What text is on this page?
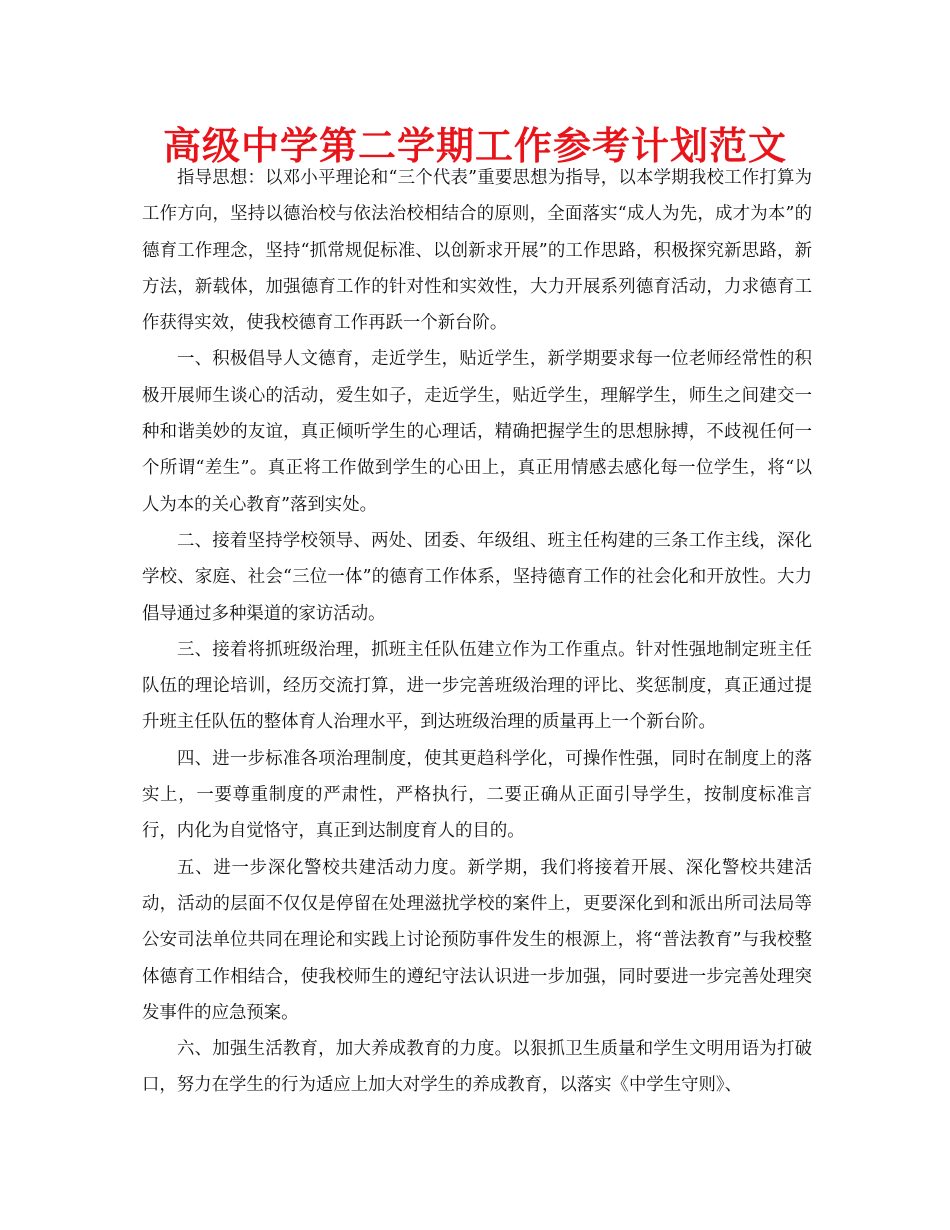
高级中学第二学期工作参考计划范文

指导思想：以邓小平理论和“三个代表”重要思想为指导，以本学期我校工作打算为工作方向，坚持以德治校与依法治校相结合的原则，全面落实“成人为先，成才为本”的德育工作理念，坚持“抓常规促标准、以创新求开展”的工作思路，积极探究新思路，新方法，新载体，加强德育工作的针对性和实效性，大力开展系列德育活动，力求德育工作获得实效，使我校德育工作再跃一个新台阶。

一、积极倡导人文德育，走近学生，贴近学生，新学期要求每一位老师经常性的积极开展师生谈心的活动，爱生如子，走近学生，贴近学生，理解学生，师生之间建交一种和谐美妙的友谊，真正倾听学生的心理话，精确把握学生的思想脉搏，不歧视任何一个所谓“差生”。真正将工作做到学生的心田上，真正用情感去感化每一位学生，将“以人为本的关心教育”落到实处。

二、接着坚持学校领导、两处、团委、年级组、班主任构建的三条工作主线，深化学校、家庭、社会“三位一体”的德育工作体系，坚持德育工作的社会化和开放性。大力倡导通过多种渠道的家访活动。

三、接着将抓班级治理，抓班主任队伍建立作为工作重点。针对性强地制定班主任队伍的理论培训，经历交流打算，进一步完善班级治理的评比、奖惩制度，真正通过提升班主任队伍的整体育人治理水平，到达班级治理的质量再上一个新台阶。

四、进一步标准各项治理制度，使其更趋科学化，可操作性强，同时在制度上的落实上，一要尊重制度的严肃性，严格执行，二要正确从正面引导学生，按制度标准言行，内化为自觉恪守，真正到达制度育人的目的。

五、进一步深化警校共建活动力度。新学期，我们将接着开展、深化警校共建活动，活动的层面不仅仅是停留在处理滋扰学校的案件上，更要深化到和派出所司法局等公安司法单位共同在理论和实践上讨论预防事件发生的根源上，将“普法教育”与我校整体德育工作相结合，使我校师生的遵纪守法认识进一步加强，同时要进一步完善处理突发事件的应急预案。

六、加强生活教育，加大养成教育的力度。以狠抓卫生质量和学生文明用语为打破口，努力在学生的行为适应上加大对学生的养成教育，以落实《中学生守则》、
